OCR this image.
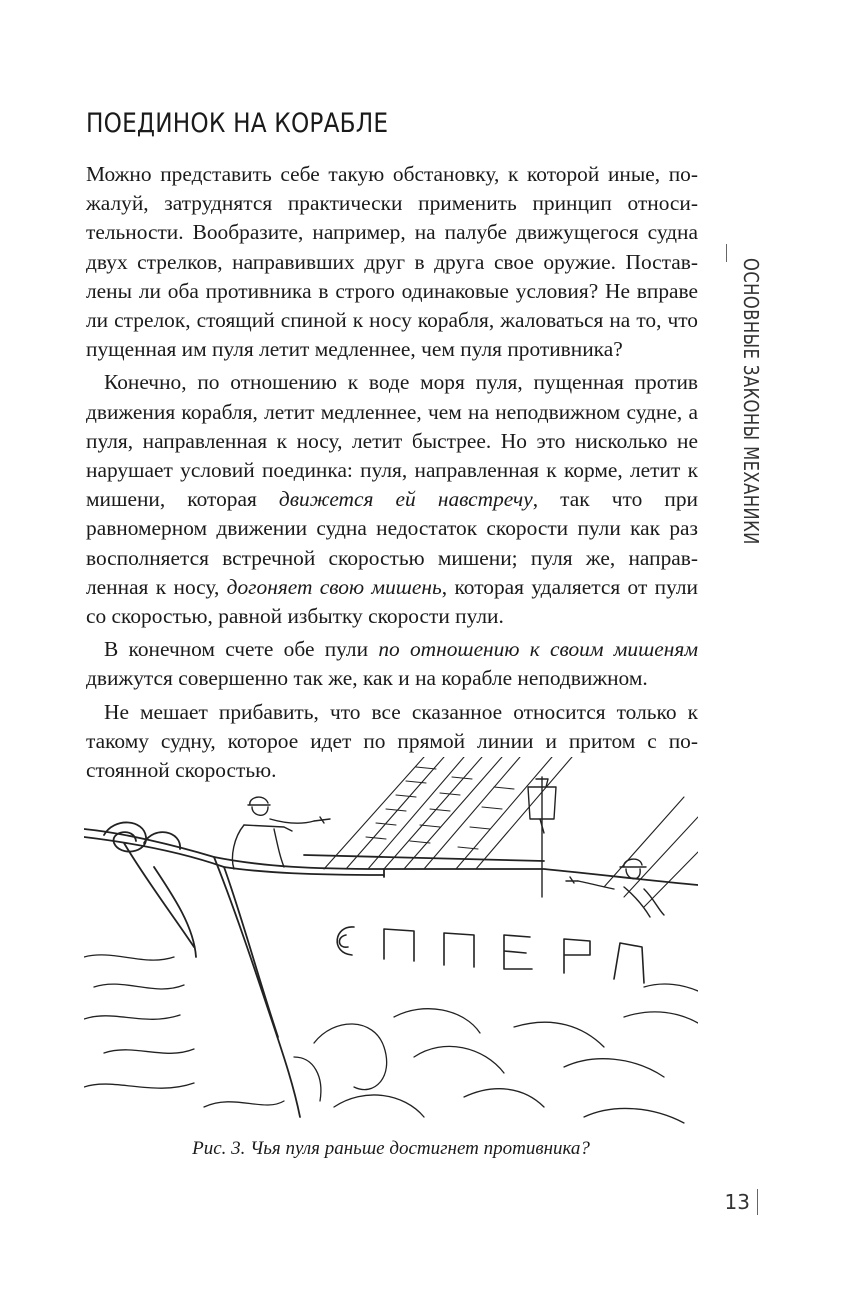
ПОЕДИНОК НА КОРАБЛЕ

Можно представить себе такую обстановку, к которой иные, пожалуй, затруднятся практически применить принцип относительности. Вообразите, например, на палубе движущегося судна двух стрелков, направивших друг в друга свое оружие. Поставлены ли оба противника в строго одинаковые условия? Не вправе ли стрелок, стоящий спиной к носу корабля, жаловаться на то, что пущенная им пуля летит медленнее, чем пуля противника?

Конечно, по отношению к воде моря пуля, пущенная против движения корабля, летит медленнее, чем на неподвижном судне, а пуля, направленная к носу, летит быстрее. Но это нисколько не нарушает условий поединка: пуля, направленная к корме, летит к мишени, которая движется ей навстречу, так что при равномерном движении судна недостаток скорости пули как раз восполняется встречной скоростью мишени; пуля же, направленная к носу, догоняет свою мишень, которая удаляется от пули со скоростью, равной избытку скорости пули.

В конечном счете обе пули по отношению к своим мишеням движутся совершенно так же, как и на корабле неподвижном.

Не мешает прибавить, что все сказанное относится только к такому судну, которое идет по прямой линии и притом с постоянной скоростью.

Рис. 3. Чья пуля раньше достигнет противника?
ОСНОВНЫЕ ЗАКОНЫ МЕХАНИКИ
13
